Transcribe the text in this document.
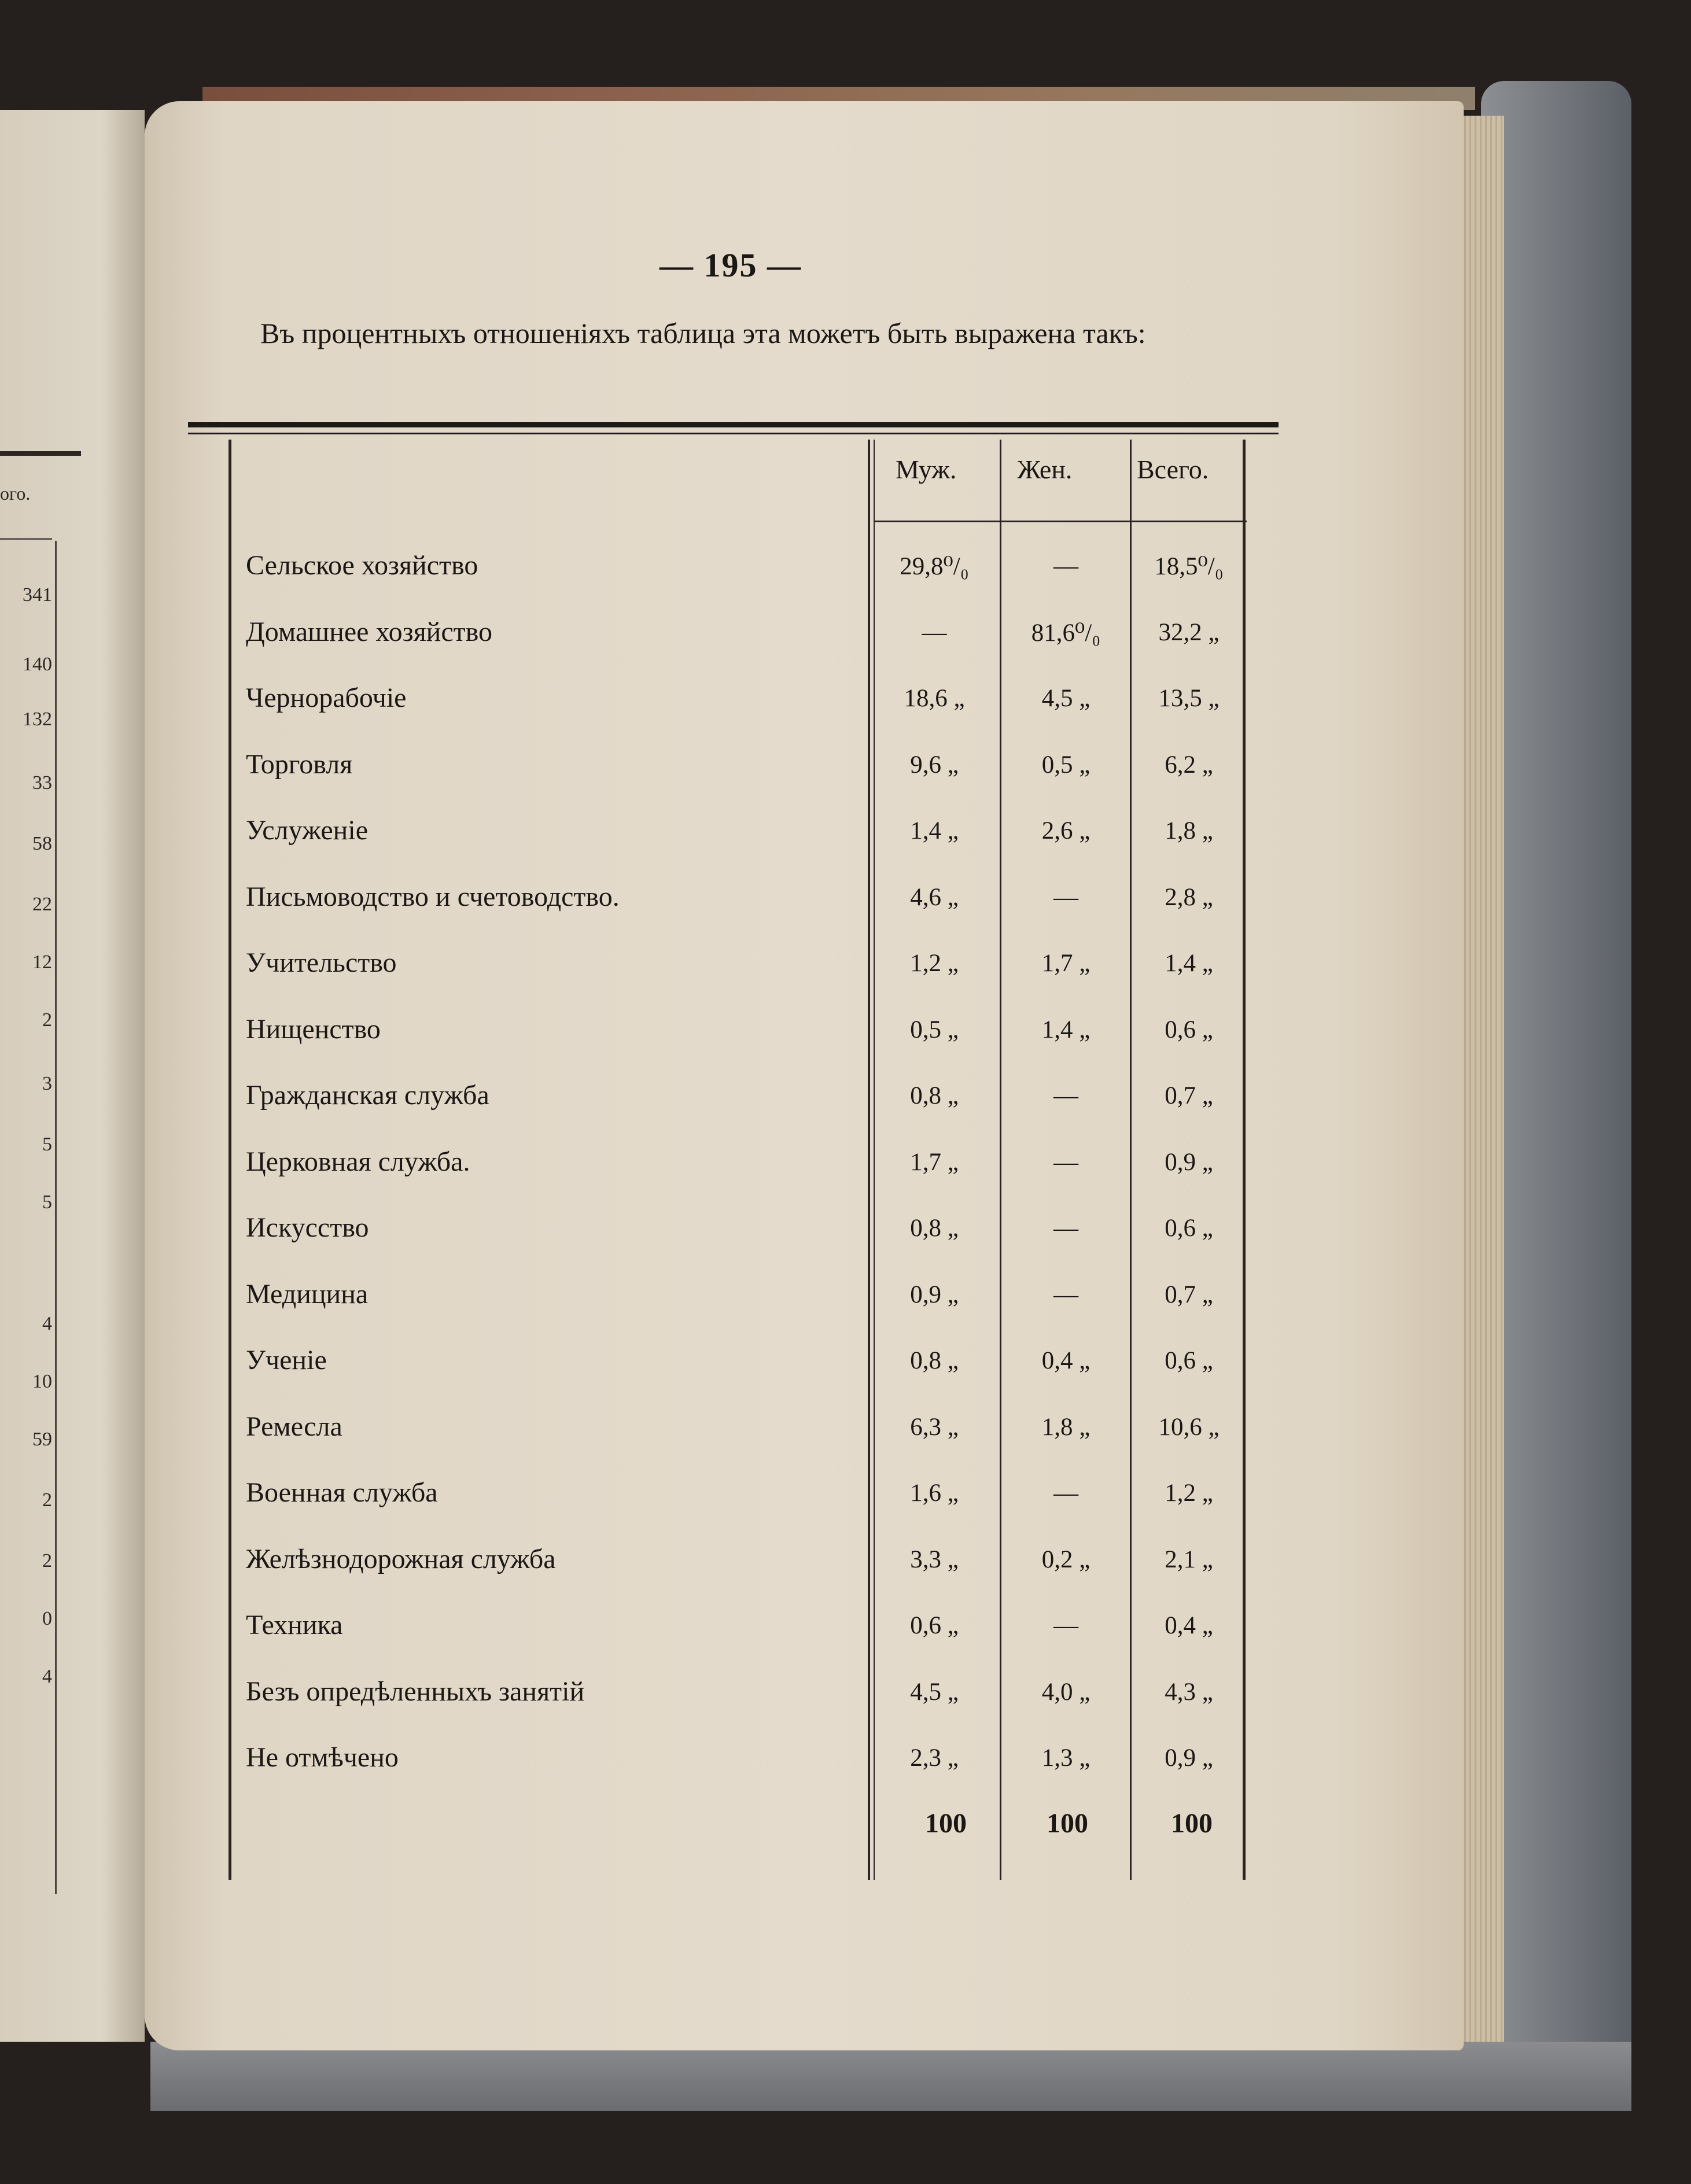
ого.
341
140
132
33
58
22
12
2
3
5
5
4
10
59
2
2
0
4
— 195 —
Въ процентныхъ отношеніяхъ таблица эта можетъ быть выражена такъ:
Муж. Жен. Всего.
Сельское хозяйство	29,8⁰/₀	—	18,5⁰/₀
Домашнее хозяйство	—	81,6⁰/₀	32,2 „
Чернорабочіе	18,6 „	4,5 „	13,5 „
Торговля	9,6 „	0,5 „	6,2 „
Услуженіе	1,4 „	2,6 „	1,8 „
Письмоводство и счетоводство.	4,6 „	—	2,8 „
Учительство	1,2 „	1,7 „	1,4 „
Нищенство	0,5 „	1,4 „	0,6 „
Гражданская служба	0,8 „	—	0,7 „
Церковная служба.	1,7 „	—	0,9 „
Искусство	0,8 „	—	0,6 „
Медицина	0,9 „	—	0,7 „
Ученіе	0,8 „	0,4 „	0,6 „
Ремесла	6,3 „	1,8 „	10,6 „
Военная служба	1,6 „	—	1,2 „
Желѣзнодорожная служба	3,3 „	0,2 „	2,1 „
Техника	0,6 „	—	0,4 „
Безъ опредѣленныхъ занятій	4,5 „	4,0 „	4,3 „
Не отмѣчено	2,3 „	1,3 „	0,9 „
100	100	100
